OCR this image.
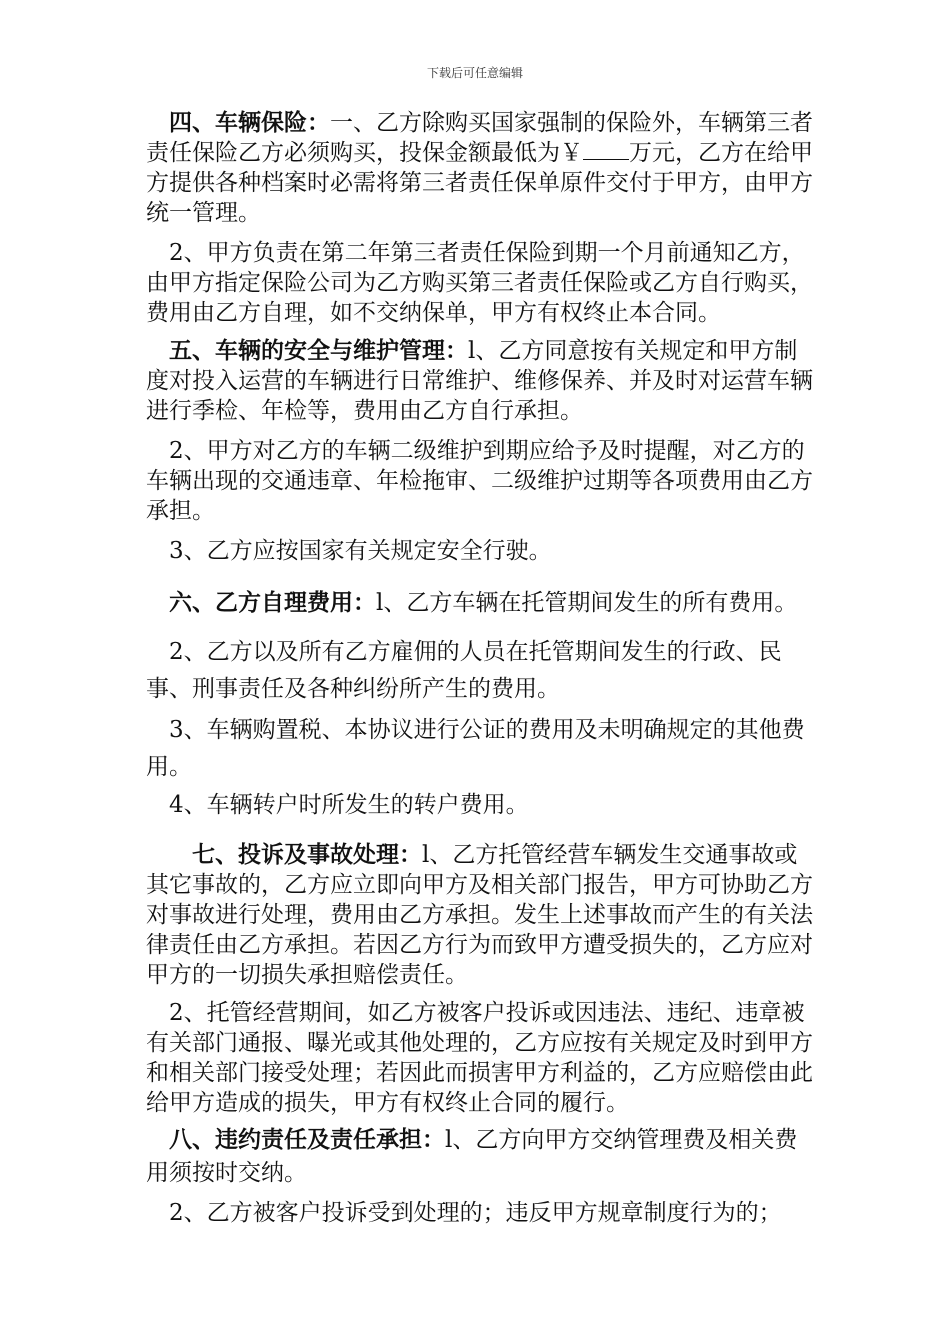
下载后可任意编辑

四、车辆保险：一、乙方除购买国家强制的保险外，车辆第三者责任保险乙方必须购买，投保金额最低为￥ 万元，乙方在给甲方提供各种档案时必需将第三者责任保单原件交付于甲方，由甲方统一管理。

2、甲方负责在第二年第三者责任保险到期一个月前通知乙方，由甲方指定保险公司为乙方购买第三者责任保险或乙方自行购买，费用由乙方自理，如不交纳保单，甲方有权终止本合同。

五、车辆的安全与维护管理：l、乙方同意按有关规定和甲方制度对投入运营的车辆进行日常维护、维修保养、并及时对运营车辆进行季检、年检等，费用由乙方自行承担。

2、甲方对乙方的车辆二级维护到期应给予及时提醒，对乙方的车辆出现的交通违章、年检拖审、二级维护过期等各项费用由乙方承担。

3、乙方应按国家有关规定安全行驶。

六、乙方自理费用：l、乙方车辆在托管期间发生的所有费用。

2、乙方以及所有乙方雇佣的人员在托管期间发生的行政、民事、刑事责任及各种纠纷所产生的费用。

3、车辆购置税、本协议进行公证的费用及未明确规定的其他费用。

4、车辆转户时所发生的转户费用。

七、投诉及事故处理：l、乙方托管经营车辆发生交通事故或其它事故的，乙方应立即向甲方及相关部门报告，甲方可协助乙方对事故进行处理，费用由乙方承担。发生上述事故而产生的有关法律责任由乙方承担。若因乙方行为而致甲方遭受损失的，乙方应对甲方的一切损失承担赔偿责任。

2、托管经营期间，如乙方被客户投诉或因违法、违纪、违章被有关部门通报、曝光或其他处理的，乙方应按有关规定及时到甲方和相关部门接受处理；若因此而损害甲方利益的，乙方应赔偿由此给甲方造成的损失，甲方有权终止合同的履行。

八、违约责任及责任承担：l、乙方向甲方交纳管理费及相关费用须按时交纳。

2、乙方被客户投诉受到处理的；违反甲方规章制度行为的；
